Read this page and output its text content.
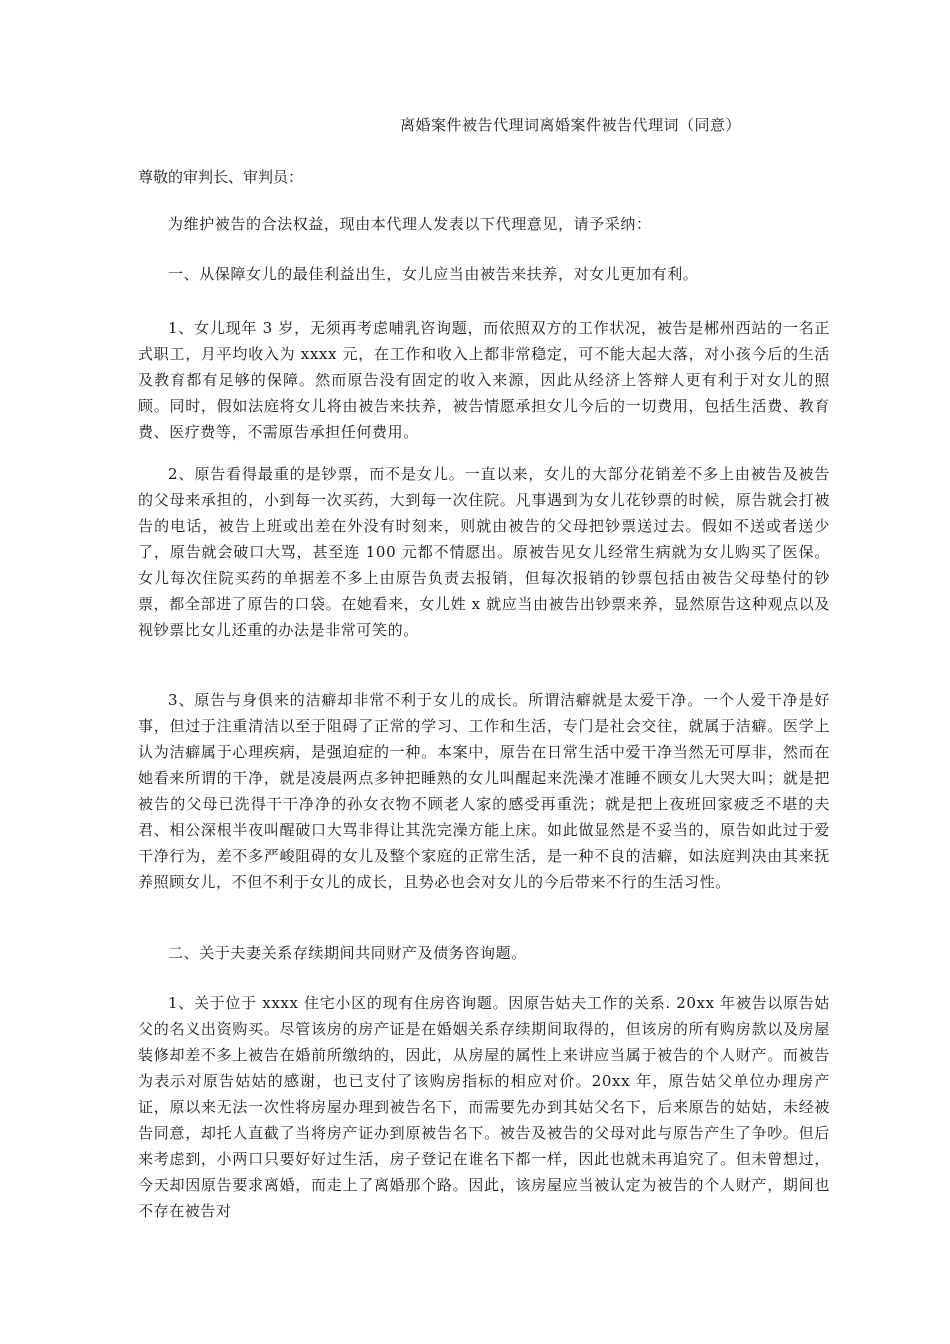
离婚案件被告代理词离婚案件被告代理词（同意）
尊敬的审判长、审判员：
为维护被告的合法权益，现由本代理人发表以下代理意见，请予采纳：
一、从保障女儿的最佳利益出生，女儿应当由被告来扶养，对女儿更加有利。
1、女儿现年 3 岁，无须再考虑哺乳咨询题，而依照双方的工作状况，被告是郴州西站的一名正式职工，月平均收入为 xxxx 元，在工作和收入上都非常稳定，可不能大起大落，对小孩今后的生活及教育都有足够的保障。然而原告没有固定的收入来源，因此从经济上答辩人更有利于对女儿的照顾。同时，假如法庭将女儿将由被告来扶养，被告情愿承担女儿今后的一切费用，包括生活费、教育费、医疗费等，不需原告承担任何费用。
2、原告看得最重的是钞票，而不是女儿。一直以来，女儿的大部分花销差不多上由被告及被告的父母来承担的，小到每一次买药，大到每一次住院。凡事遇到为女儿花钞票的时候，原告就会打被告的电话，被告上班或出差在外没有时刻来，则就由被告的父母把钞票送过去。假如不送或者送少了，原告就会破口大骂，甚至连 100 元都不情愿出。原被告见女儿经常生病就为女儿购买了医保。女儿每次住院买药的单据差不多上由原告负责去报销，但每次报销的钞票包括由被告父母垫付的钞票，都全部进了原告的口袋。在她看来，女儿姓 x 就应当由被告出钞票来养，显然原告这种观点以及视钞票比女儿还重的办法是非常可笑的。
3、原告与身俱来的洁癖却非常不利于女儿的成长。所谓洁癖就是太爱干净。一个人爱干净是好事，但过于注重清洁以至于阻碍了正常的学习、工作和生活，专门是社会交往，就属于洁癖。医学上认为洁癖属于心理疾病，是强迫症的一种。本案中，原告在日常生活中爱干净当然无可厚非，然而在她看来所谓的干净，就是凌晨两点多钟把睡熟的女儿叫醒起来洗澡才准睡不顾女儿大哭大叫；就是把被告的父母已洗得干干净净的孙女衣物不顾老人家的感受再重洗；就是把上夜班回家疲乏不堪的夫君、相公深根半夜叫醒破口大骂非得让其洗完澡方能上床。如此做显然是不妥当的，原告如此过于爱干净行为，差不多严峻阻碍的女儿及整个家庭的正常生活，是一种不良的洁癖，如法庭判决由其来抚养照顾女儿，不但不利于女儿的成长，且势必也会对女儿的今后带来不行的生活习性。
二、关于夫妻关系存续期间共同财产及债务咨询题。
1、关于位于 xxxx 住宅小区的现有住房咨询题。因原告姑夫工作的关系. 20xx 年被告以原告姑父的名义出资购买。尽管该房的房产证是在婚姻关系存续期间取得的，但该房的所有购房款以及房屋装修却差不多上被告在婚前所缴纳的，因此，从房屋的属性上来讲应当属于被告的个人财产。而被告为表示对原告姑姑的感谢，也已支付了该购房指标的相应对价。20xx 年，原告姑父单位办理房产证，原以来无法一次性将房屋办理到被告名下，而需要先办到其姑父名下，后来原告的姑姑，未经被告同意，却托人直截了当将房产证办到原被告名下。被告及被告的父母对此与原告产生了争吵。但后来考虑到，小两口只要好好过生活，房子登记在谁名下都一样，因此也就未再追究了。但未曾想过，今天却因原告要求离婚，而走上了离婚那个路。因此，该房屋应当被认定为被告的个人财产，期间也不存在被告对
